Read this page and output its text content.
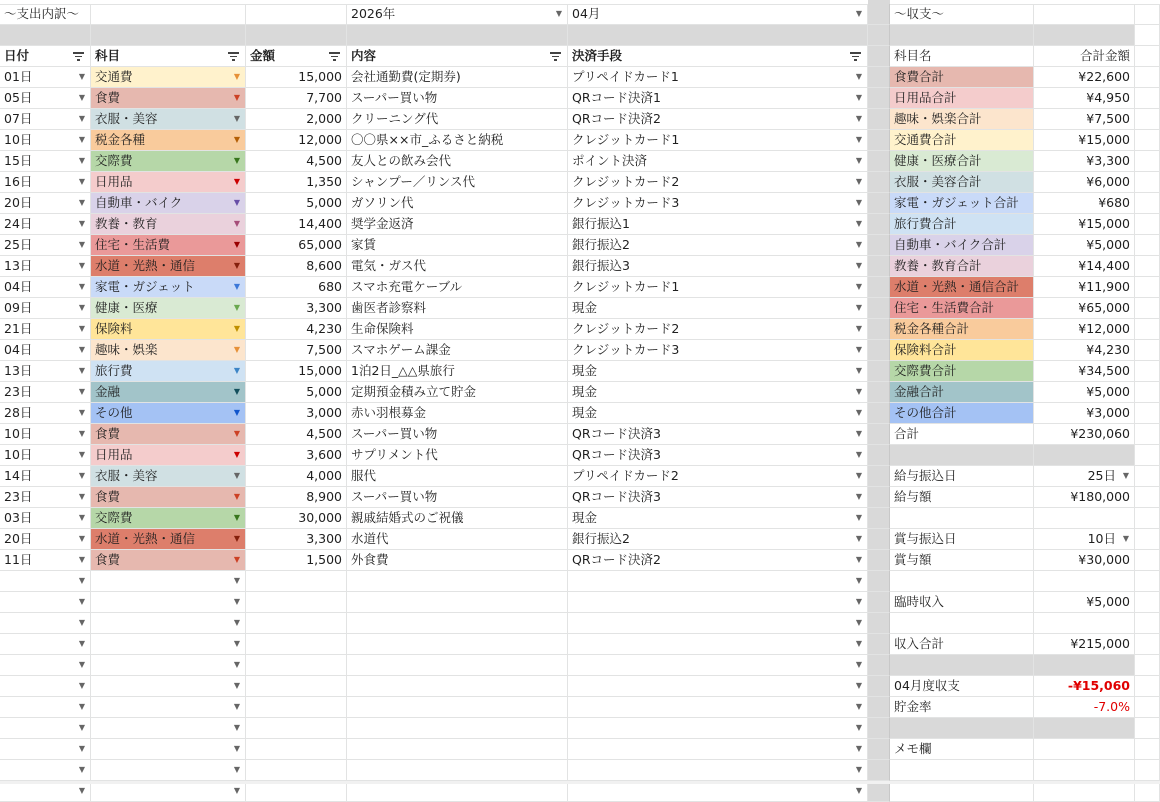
〜支出内訳〜	2026年	▼ 04月	▼	〜収支〜
日付	科目	金額	内容	決済手段	科目名	合計金額
01日	▼ 交通費	▼	15,000 会社通勤費(定期券)	プリペイドカード1	▼	食費合計	¥22,600
05日	▼ 食費	▼	7,700 スーパー買い物	QRコード決済1	▼	日用品合計	¥4,950
07日	▼ 衣服・美容	▼	2,000 クリーニング代	QRコード決済2	▼	趣味・娯楽合計	¥7,500
10日	▼ 税金各種	▼	12,000 〇〇県××市_ふるさと納税	クレジットカード1	▼	交通費合計	¥15,000
15日	▼ 交際費	▼	4,500 友人との飲み会代	ポイント決済	▼	健康・医療合計	¥3,300
16日	▼ 日用品	▼	1,350 シャンプー／リンス代	クレジットカード2	▼	衣服・美容合計	¥6,000
20日	▼ 自動車・バイク	▼	5,000 ガソリン代	クレジットカード3	▼	家電・ガジェット合計	¥680
24日	▼ 教養・教育	▼	14,400 奨学金返済	銀行振込1	▼	旅行費合計	¥15,000
25日	▼ 住宅・生活費	▼	65,000 家賃	銀行振込2	▼	自動車・バイク合計	¥5,000
13日	▼ 水道・光熱・通信	▼	8,600 電気・ガス代	銀行振込3	▼	教養・教育合計	¥14,400
04日	▼ 家電・ガジェット	▼	680 スマホ充電ケーブル	クレジットカード1	▼	水道・光熱・通信合計	¥11,900
09日	▼ 健康・医療	▼	3,300 歯医者診察料	現金	▼	住宅・生活費合計	¥65,000
21日	▼ 保険料	▼	4,230 生命保険料	クレジットカード2	▼	税金各種合計	¥12,000
04日	▼ 趣味・娯楽	▼	7,500 スマホゲーム課金	クレジットカード3	▼	保険料合計	¥4,230
13日	▼ 旅行費	▼	15,000 1泊2日_△△県旅行	現金	▼	交際費合計	¥34,500
23日	▼ 金融	▼	5,000 定期預金積み立て貯金	現金	▼	金融合計	¥5,000
28日	▼ その他	▼	3,000 赤い羽根募金	現金	▼	その他合計	¥3,000
10日	▼ 食費	▼	4,500 スーパー買い物	QRコード決済3	▼	合計	¥230,060
10日	▼ 日用品	▼	3,600 サプリメント代	QRコード決済3	▼
14日	▼ 衣服・美容	▼	4,000 服代	プリペイドカード2	▼	給与振込日	25日 ▼
23日	▼ 食費	▼	8,900 スーパー買い物	QRコード決済3	▼	給与額	¥180,000
03日	▼ 交際費	▼	30,000 親戚結婚式のご祝儀	現金	▼
20日	▼ 水道・光熱・通信	▼	3,300 水道代	銀行振込2	▼	賞与振込日	10日 ▼
11日	▼ 食費	▼	1,500 外食費	QRコード決済2	▼	賞与額	¥30,000
▼	▼	▼
▼	▼	▼	臨時収入	¥5,000
▼	▼	▼
▼	▼	▼	収入合計	¥215,000
▼	▼	▼
▼	▼	▼	04月度収支	-¥15,060
▼	▼	▼	貯金率	-7.0%
▼	▼	▼
▼	▼	▼	メモ欄
▼	▼	▼
▼	▼	▼
